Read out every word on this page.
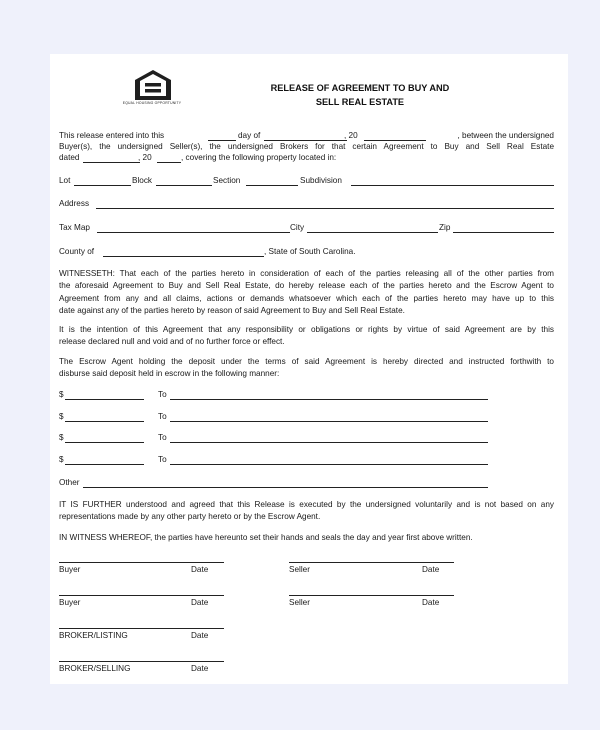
EQUAL HOUSING OPPORTUNITY
RELEASE OF AGREEMENT TO BUY AND
SELL REAL ESTATE
This release entered into this	day of	, 20	, between the undersigned
Buyer(s), the undersigned Seller(s), the undersigned Brokers for that certain Agreement to Buy and Sell Real Estate
dated	, 20	, covering the following property located in:
Lot	Block	Section	Subdivision
Address
Tax Map	City	Zip
County of	, State of South Carolina.
WITNESSETH: That each of the parties hereto in consideration of each of the parties releasing all of the other parties from
the aforesaid Agreement to Buy and Sell Real Estate, do hereby release each of the parties hereto and the Escrow Agent to
Agreement from any and all claims, actions or demands whatsoever which each of the parties hereto may have up to this
date against any of the parties hereto by reason of said Agreement to Buy and Sell Real Estate.
It is the intention of this Agreement that any responsibility or obligations or rights by virtue of said Agreement are by this
release declared null and void and of no further force or effect.
The Escrow Agent holding the deposit under the terms of said Agreement is hereby directed and instructed forthwith to
disburse said deposit held in escrow in the following manner:
$	To
$	To
$	To
$	To
Other
IT IS FURTHER understood and agreed that this Release is executed by the undersigned voluntarily and is not based on any
representations made by any other party hereto or by the Escrow Agent.
IN WITNESS WHEREOF, the parties have hereunto set their hands and seals the day and year first above written.
Buyer	Date	Seller	Date
Buyer	Date	Seller	Date
BROKER/LISTING	Date
BROKER/SELLING	Date
